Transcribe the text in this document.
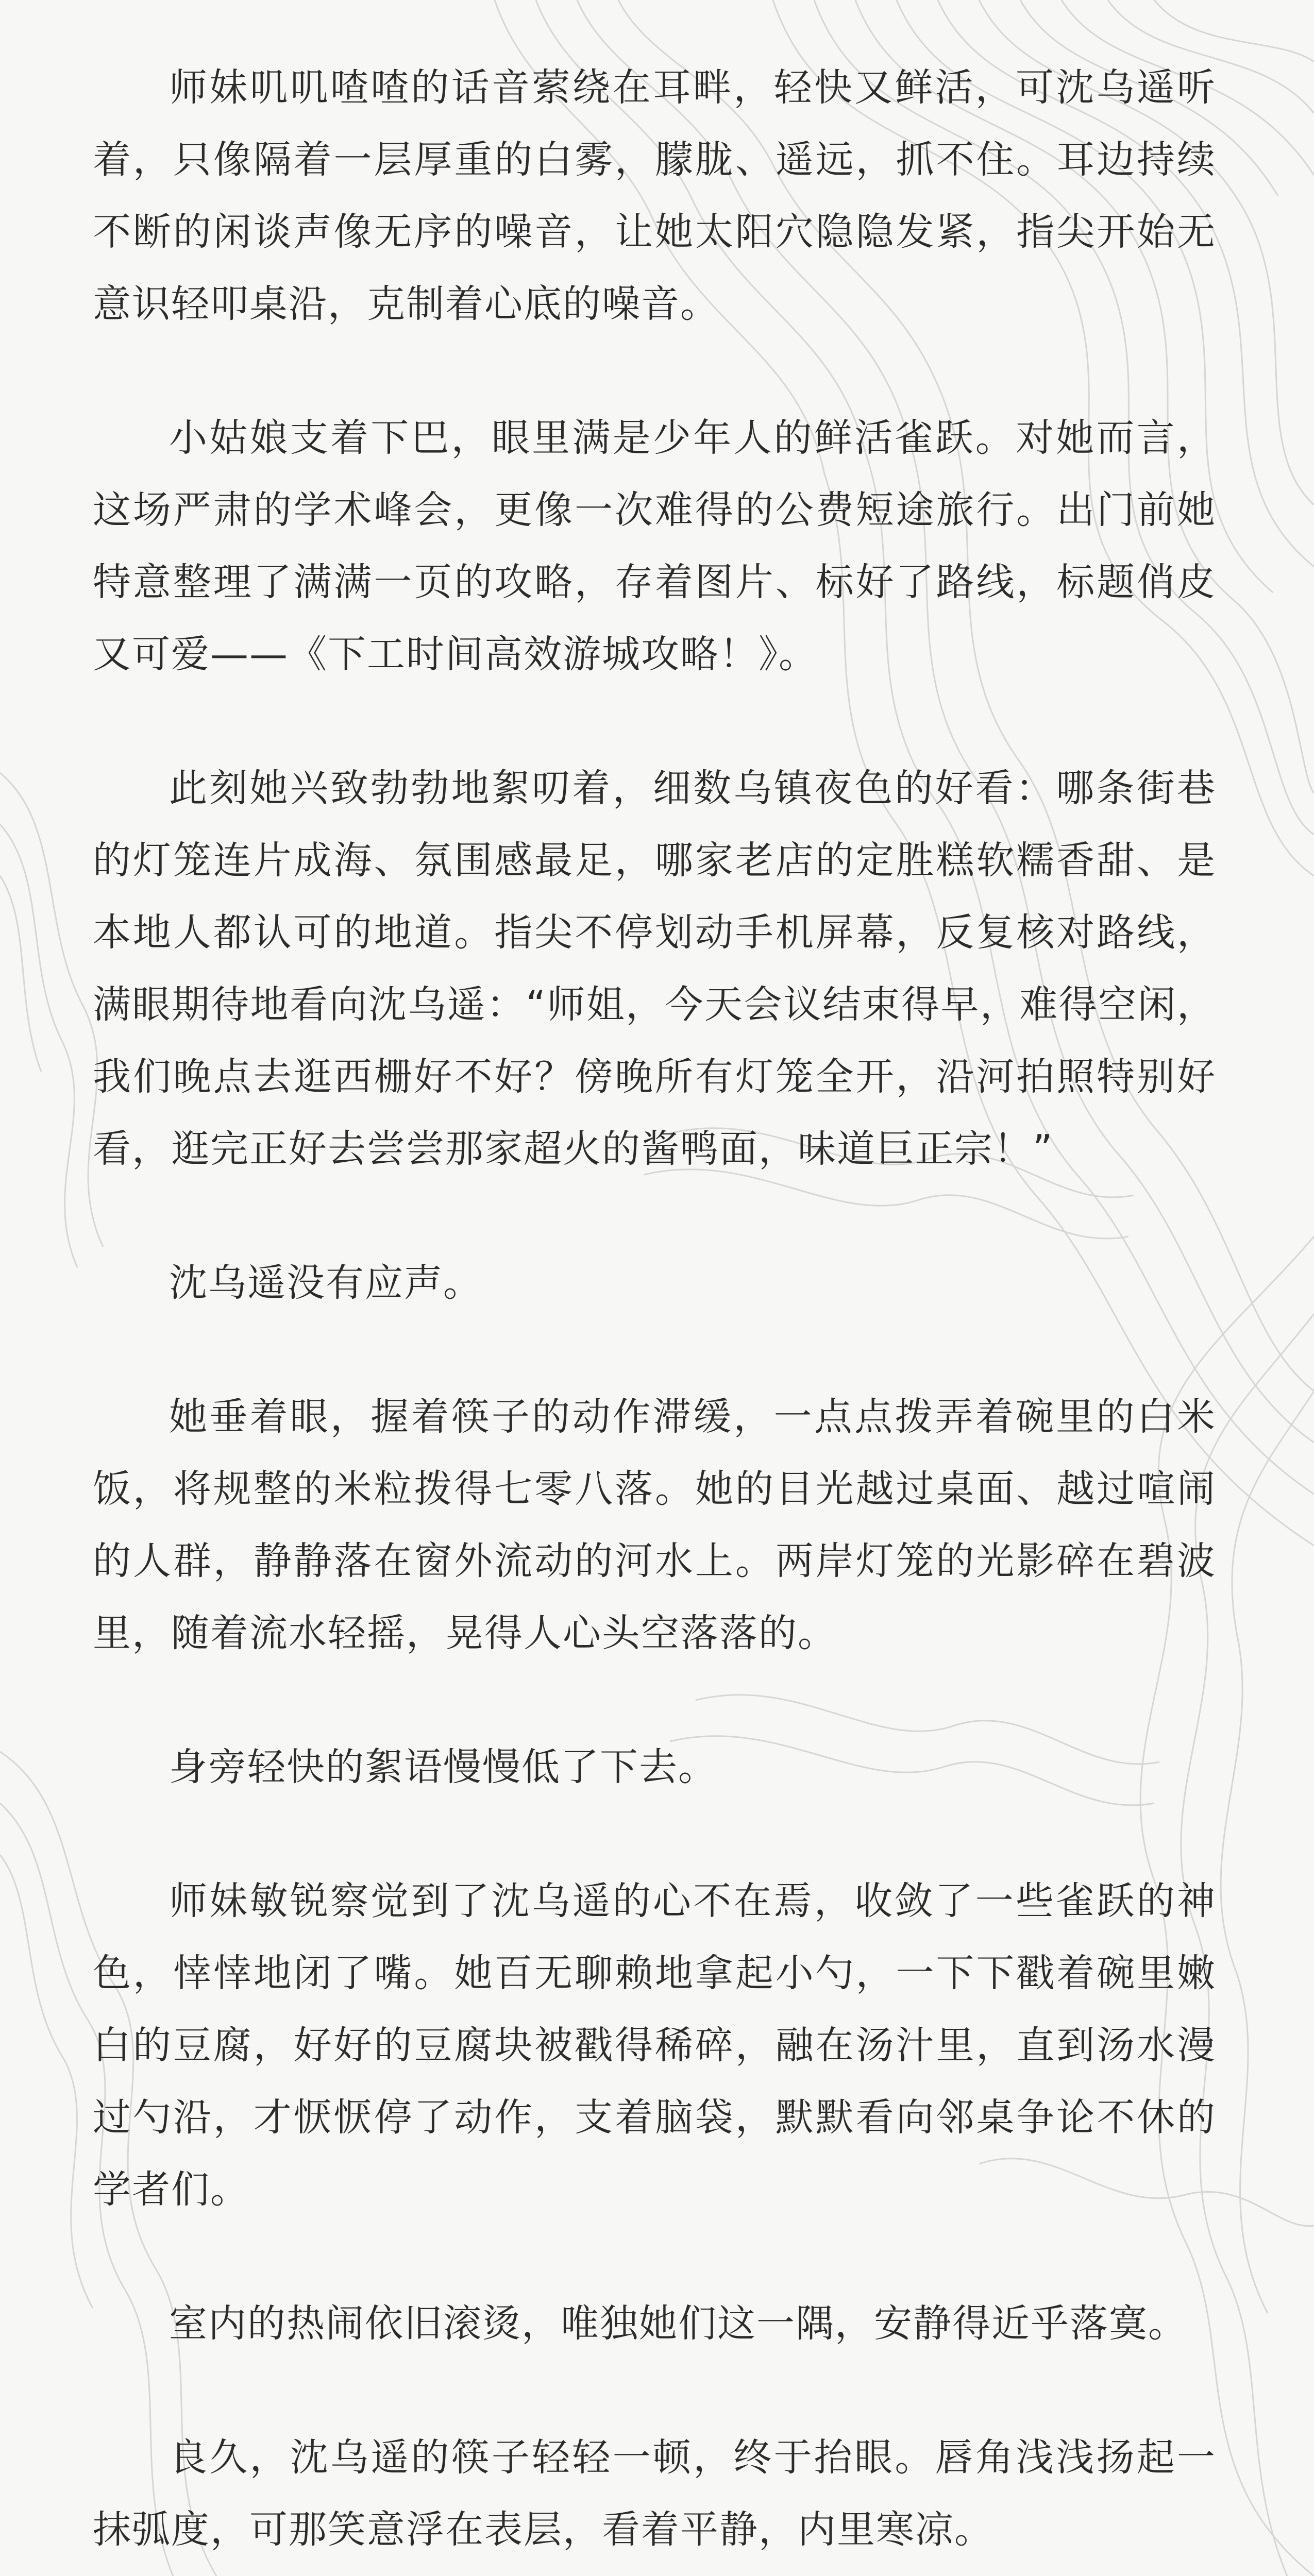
师妹叽叽喳喳的话音萦绕在耳畔，轻快又鲜活，可沈乌遥听着，只像隔着一层厚重的白雾，朦胧、遥远，抓不住。耳边持续不断的闲谈声像无序的噪音，让她太阳穴隐隐发紧，指尖开始无意识轻叩桌沿，克制着心底的噪音。

小姑娘支着下巴，眼里满是少年人的鲜活雀跃。对她而言，这场严肃的学术峰会，更像一次难得的公费短途旅行。出门前她特意整理了满满一页的攻略，存着图片、标好了路线，标题俏皮又可爱——《下工时间高效游城攻略！》。

此刻她兴致勃勃地絮叨着，细数乌镇夜色的好看：哪条街巷的灯笼连片成海、氛围感最足，哪家老店的定胜糕软糯香甜、是本地人都认可的地道。指尖不停划动手机屏幕，反复核对路线，满眼期待地看向沈乌遥：“师姐，今天会议结束得早，难得空闲，我们晚点去逛西栅好不好？傍晚所有灯笼全开，沿河拍照特别好看，逛完正好去尝尝那家超火的酱鸭面，味道巨正宗！”

沈乌遥没有应声。

她垂着眼，握着筷子的动作滞缓，一点点拨弄着碗里的白米饭，将规整的米粒拨得七零八落。她的目光越过桌面、越过喧闹的人群，静静落在窗外流动的河水上。两岸灯笼的光影碎在碧波里，随着流水轻摇，晃得人心头空落落的。

身旁轻快的絮语慢慢低了下去。

师妹敏锐察觉到了沈乌遥的心不在焉，收敛了一些雀跃的神色，悻悻地闭了嘴。她百无聊赖地拿起小勺，一下下戳着碗里嫩白的豆腐，好好的豆腐块被戳得稀碎，融在汤汁里，直到汤水漫过勺沿，才恹恹停了动作，支着脑袋，默默看向邻桌争论不休的学者们。

室内的热闹依旧滚烫，唯独她们这一隅，安静得近乎落寞。

良久，沈乌遥的筷子轻轻一顿，终于抬眼。唇角浅浅扬起一抹弧度，可那笑意浮在表层，看着平静，内里寒凉。
